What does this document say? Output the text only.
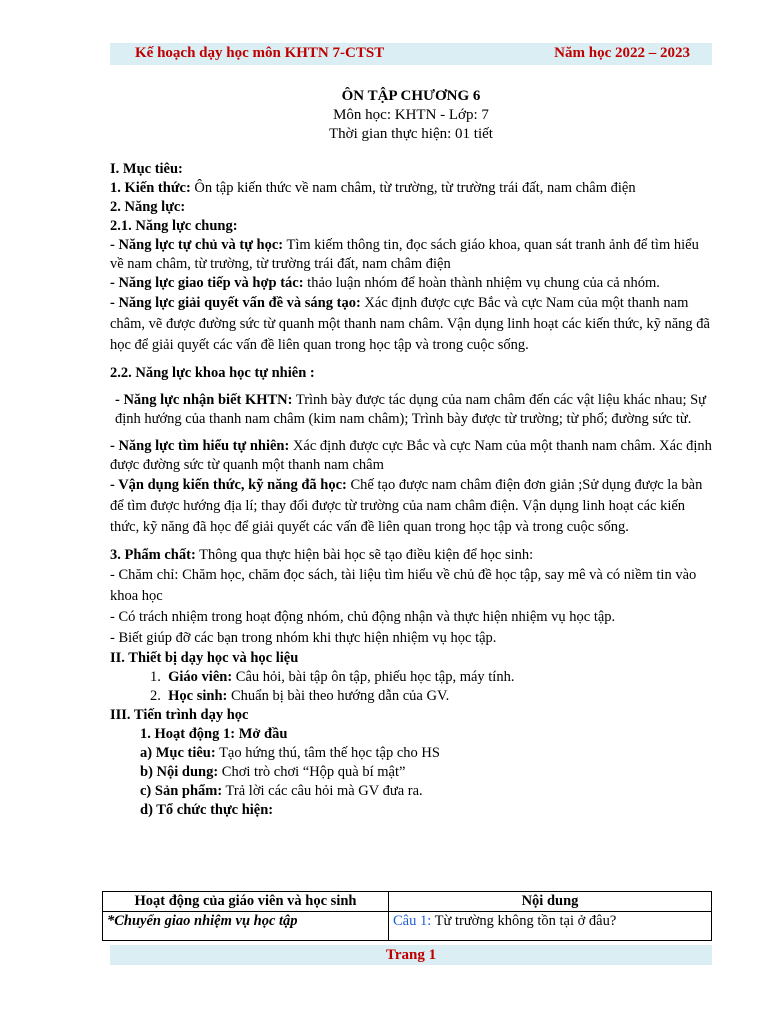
Kế hoạch dạy học môn KHTN 7-CTST	Năm học 2022 – 2023
ÔN TẬP CHƯƠNG 6
Môn học: KHTN - Lớp: 7
Thời gian thực hiện: 01 tiết

I. Mục tiêu:

1. Kiến thức: Ôn tập kiến thức về nam châm, từ trường, từ trường trái đất, nam châm điện

2. Năng lực:

2.1. Năng lực chung:

- Năng lực tự chủ và tự học: Tìm kiếm thông tin, đọc sách giáo khoa, quan sát tranh ảnh để tìm hiểu về nam châm, từ trường, từ trường trái đất, nam châm điện

- Năng lực giao tiếp và hợp tác: thảo luận nhóm để hoàn thành nhiệm vụ chung của cả nhóm.

- Năng lực giải quyết vấn đề và sáng tạo: Xác định được cực Bắc và cực Nam của một thanh nam châm, vẽ được đường sức từ quanh một thanh nam châm. Vận dụng linh hoạt các kiến thức, kỹ năng đã học để giải quyết các vấn đề liên quan trong học tập và trong cuộc sống.

2.2. Năng lực khoa học tự nhiên :

- Năng lực nhận biết KHTN: Trình bày được tác dụng của nam châm đến các vật liệu khác nhau; Sự định hướng của thanh nam châm (kim nam châm); Trình bày được từ trường; từ phổ; đường sức từ.

- Năng lực tìm hiểu tự nhiên: Xác định được cực Bắc và cực Nam của một thanh nam châm. Xác định được đường sức từ quanh một thanh nam châm

- Vận dụng kiến thức, kỹ năng đã học: Chế tạo được nam châm điện đơn giản ;Sử dụng được la bàn để tìm được hướng địa lí; thay đổi được từ trường của nam châm điện. Vận dụng linh hoạt các kiến thức, kỹ năng đã học để giải quyết các vấn đề liên quan trong học tập và trong cuộc sống.

3. Phẩm chất: Thông qua thực hiện bài học sẽ tạo điều kiện để học sinh:

- Chăm chỉ: Chăm học, chăm đọc sách, tài liệu tìm hiểu về chủ đề học tập, say mê và có niềm tin vào khoa học

- Có trách nhiệm trong hoạt động nhóm, chủ động nhận và thực hiện nhiệm vụ học tập.

- Biết giúp đỡ các bạn trong nhóm khi thực hiện nhiệm vụ học tập.

II. Thiết bị dạy học và học liệu

1. Giáo viên: Câu hỏi, bài tập ôn tập, phiếu học tập, máy tính.

2. Học sinh: Chuẩn bị bài theo hướng dẫn của GV.

III. Tiến trình dạy học

1. Hoạt động 1: Mở đầu

a) Mục tiêu: Tạo hứng thú, tâm thế học tập cho HS

b) Nội dung: Chơi trò chơi “Hộp quà bí mật”

c) Sản phẩm: Trả lời các câu hỏi mà GV đưa ra.

d) Tổ chức thực hiện:

Hoạt động của giáo viên và học sinh	Nội dung
*Chuyển giao nhiệm vụ học tập	Câu 1: Từ trường không tồn tại ở đâu?
Trang 1
